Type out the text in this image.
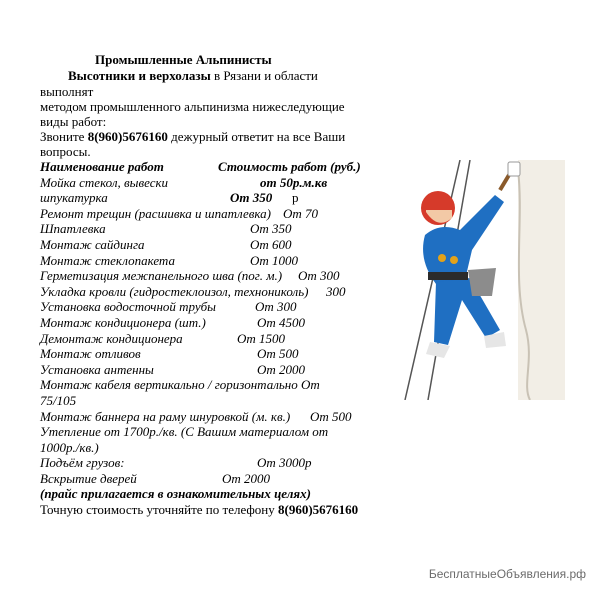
Промышленные Альпинисты
Высотники и верхолазы в Рязани и области
выполнят
методом промышленного альпинизма нижеследующие
виды работ:
Звоните 8(960)5676160 дежурный ответит на все Ваши
вопросы.
Наименование работ	Стоимость работ (руб.)
Мойка стекол, вывески	от 50р.м.кв
шпукатурка	От 350 р
Ремонт трещин (расшивка и шпатлевка) От 70
Шпатлевка	От 350
Монтаж сайдинга	От 600
Монтаж стеклопакета	От 1000
Герметизация межпанельного шва (пог. м.) От 300
Укладка кровли (гидростеклоизол, технониколь) 300
Установка водосточной трубы	От 300
Монтаж кондиционера (шт.)	От 4500
Демонтаж кондиционера	От 1500
Монтаж отливов	От 500
Установка антенны	От 2000
Монтаж кабеля вертикально / горизонтально От
75/105
Монтаж баннера на раму шнуровкой (м. кв.) От 500
Утепление от 1700р./кв. (С Вашим материалом от
1000р./кв.)
Подъём грузов:	От 3000р
Вскрытие дверей	От 2000
(прайс прилагается в ознакомительных целях)
Точную стоимость уточняйте по телефону 8(960)5676160
БесплатныеОбъявления.рф
